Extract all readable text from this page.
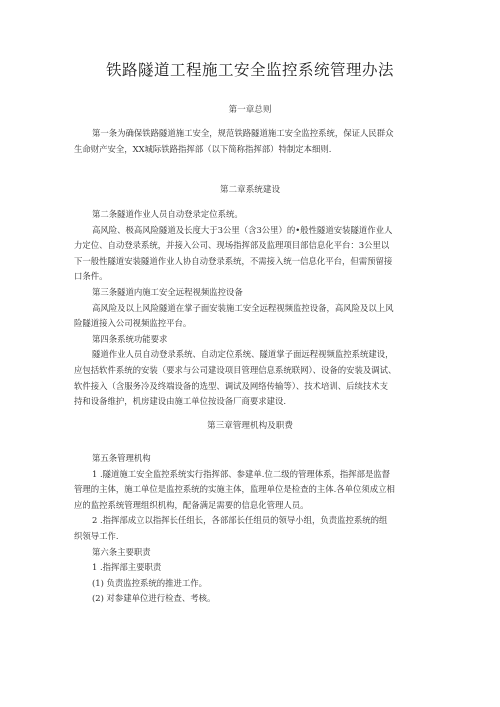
铁路隧道工程施工安全监控系统管理办法
第一章总则

第一条为确保铁路隧道施工安全，规范铁路隧道施工安全监控系统，保证人民群众

生命财产安全，XX城际铁路指挥部（以下简称指挥部）特制定本细则.

第二章系统建设

第二条隧道作业人员自动登录定位系统。

高风险、极高风险隧道及长度大于3公里（含3公里）的•般性隧道安装隧道作业人

力定位、自动登录系统，并接入公司、现场指挥部及监理项目部信息化平台：3公里以

下一般性隧道安装隧道作业人协自动登录系统，不需接入统一信息化平台，但需预留接

口条件。

第三条隧道内施工安全远程视频监控设备

高风险及以上风险隧道在掌子面安装施工安全远程视频监控设备，高风险及以上风

险隧道接入公司视频监控平台。

第四条系统功能要求

隧道作业人员自动登录系统、自动定位系统、隧道掌子面远程视频监控系统建设，

应包括软件系统的安装（要求与公司建设项目管理信息系统联网）、设备的安装及调试、

软件接入（含服务冷及终端设备的选型、调试及网络传输等）、技术培训、后续技术支

持和设备维护，机房建设由施工单位按设备厂商要求建设.

第三章管理机构及职费

第五条管理机构

1 .隧道施工安全监控系统实行指挥部、参建单.位二级的管理体系，指挥部是监督

管理的主体，施工单位是监控系统的实施主体，监理单位是检查的主体.各单位须成立相

应的监控系统管理组织机构，配备满足需要的信息化管理人员。

2 .指挥部成立以指挥长任组长，各部部长任组员的领导小组，负责监控系统的组

织领导工作.

第六条主要职责

1 .指挥部主要职责

(1) 负责监控系统的推进工作。

(2) 对参建单位进行检查、考核。
